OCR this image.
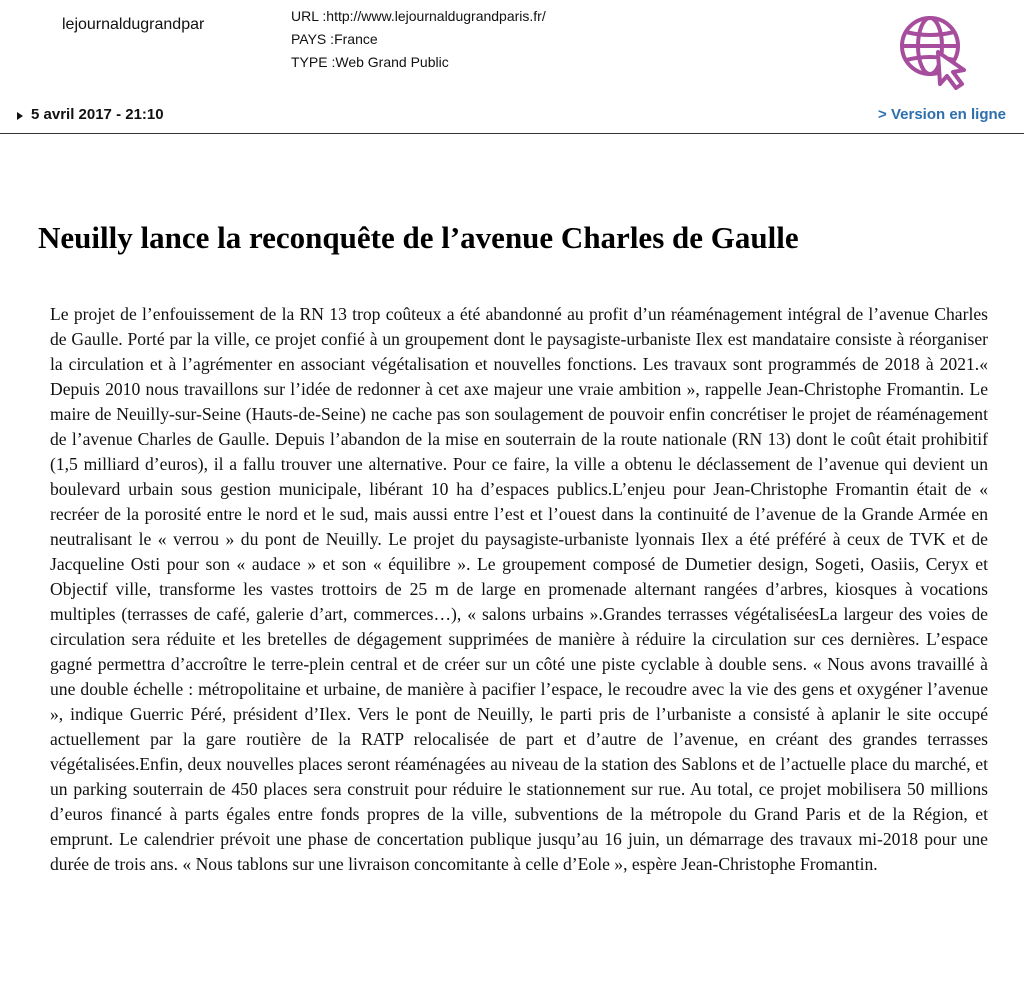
lejournaldugrandpar	URL :http://www.lejournaldugrandparis.fr/
PAYS :France
TYPE :Web Grand Public
5 avril 2017 - 21:10	> Version en ligne
Neuilly lance la reconquête de l’avenue Charles de Gaulle

Le projet de l’enfouissement de la RN 13 trop coûteux a été abandonné au profit d’un réaménagement intégral de l’avenue Charles de Gaulle. Porté par la ville, ce projet confié à un groupement dont le paysagiste-urbaniste Ilex est mandataire consiste à réorganiser la circulation et à l’agrémenter en associant végétalisation et nouvelles fonctions. Les travaux sont programmés de 2018 à 2021.« Depuis 2010 nous travaillons sur l’idée de redonner à cet axe majeur une vraie ambition », rappelle Jean-Christophe Fromantin. Le maire de Neuilly-sur-Seine (Hauts-de-Seine) ne cache pas son soulagement de pouvoir enfin concrétiser le projet de réaménagement de l’avenue Charles de Gaulle. Depuis l’abandon de la mise en souterrain de la route nationale (RN 13) dont le coût était prohibitif (1,5 milliard d’euros), il a fallu trouver une alternative. Pour ce faire, la ville a obtenu le déclassement de l’avenue qui devient un boulevard urbain sous gestion municipale, libérant 10 ha d’espaces publics.L’enjeu pour Jean-Christophe Fromantin était de « recréer de la porosité entre le nord et le sud, mais aussi entre l’est et l’ouest dans la continuité de l’avenue de la Grande Armée en neutralisant le « verrou » du pont de Neuilly. Le projet du paysagiste-urbaniste lyonnais Ilex a été préféré à ceux de TVK et de Jacqueline Osti pour son « audace » et son « équilibre ». Le groupement composé de Dumetier design, Sogeti, Oasiis, Ceryx et Objectif ville, transforme les vastes trottoirs de 25 m de large en promenade alternant rangées d’arbres, kiosques à vocations multiples (terrasses de café, galerie d’art, commerces…), « salons urbains ».Grandes terrasses végétaliséesLa largeur des voies de circulation sera réduite et les bretelles de dégagement supprimées de manière à réduire la circulation sur ces dernières. L’espace gagné permettra d’accroître le terre-plein central et de créer sur un côté une piste cyclable à double sens. « Nous avons travaillé à une double échelle : métropolitaine et urbaine, de manière à pacifier l’espace, le recoudre avec la vie des gens et oxygéner l’avenue », indique Guerric Péré, président d’Ilex. Vers le pont de Neuilly, le parti pris de l’urbaniste a consisté à aplanir le site occupé actuellement par la gare routière de la RATP relocalisée de part et d’autre de l’avenue, en créant des grandes terrasses végétalisées.Enfin, deux nouvelles places seront réaménagées au niveau de la station des Sablons et de l’actuelle place du marché, et un parking souterrain de 450 places sera construit pour réduire le stationnement sur rue. Au total, ce projet mobilisera 50 millions d’euros financé à parts égales entre fonds propres de la ville, subventions de la métropole du Grand Paris et de la Région, et emprunt. Le calendrier prévoit une phase de concertation publique jusqu’au 16 juin, un démarrage des travaux mi-2018 pour une durée de trois ans. « Nous tablons sur une livraison concomitante à celle d’Eole », espère Jean-Christophe Fromantin.
